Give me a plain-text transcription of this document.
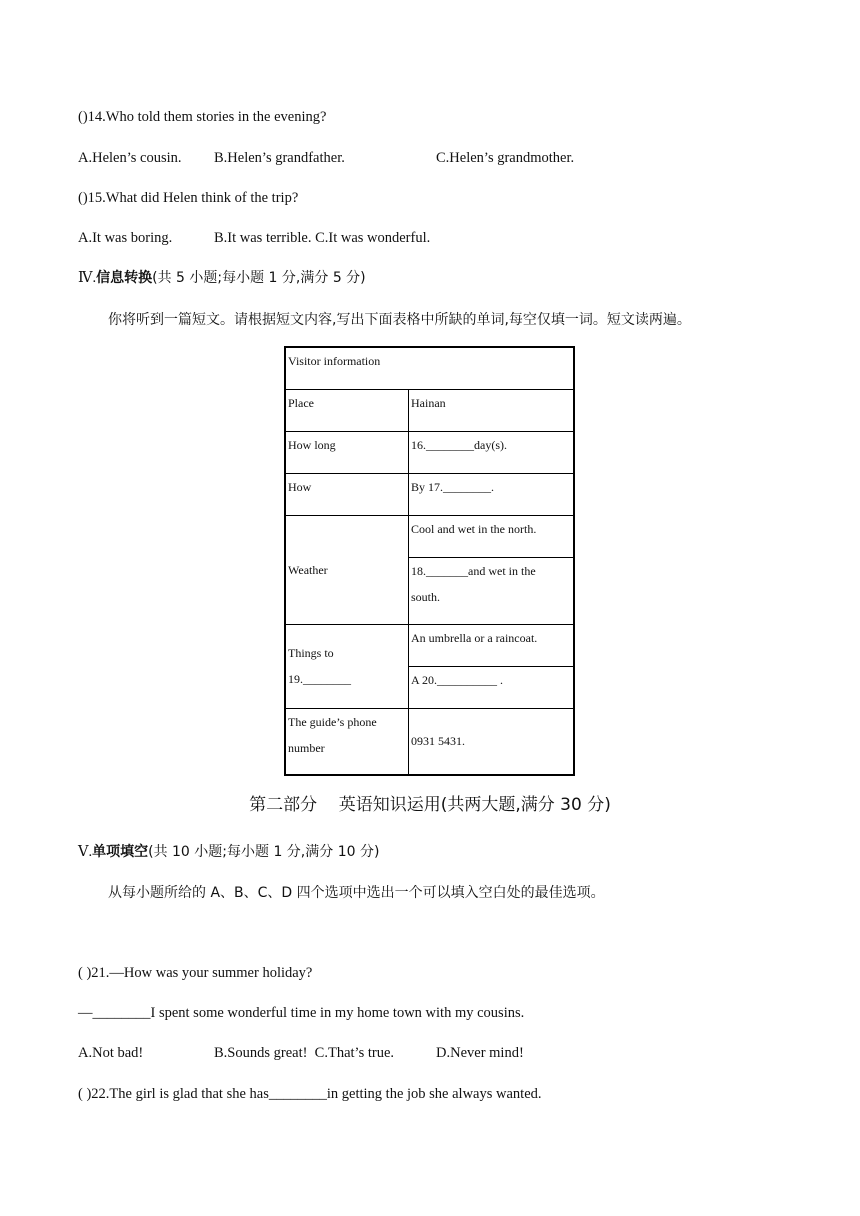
()14.Who told them stories in the evening?
A.Helen’s cousin. B.Helen’s grandfather.	C.Helen’s grandmother.
()15.What did Helen think of the trip?
A.It was boring.	B.It was terrible. C.It was wonderful.
Ⅳ.信息转换(共 5 小题;每小题 1 分,满分 5 分)
你将听到一篇短文。请根据短文内容,写出下面表格中所缺的单词,每空仅填一词。短文读两遍。
Visitor information	
Place	Hainan
How long	16.________day(s).
How	By 17.________.
Weather	Cool and wet in the north.
	18._______and wet in the
south.
Things to
19.________	An umbrella or a raincoat.
	A 20.__________ .
The guide’s phone
number	0931 5431.
第二部分    英语知识运用(共两大题,满分 30 分)
Ⅴ.单项填空(共 10 小题;每小题 1 分,满分 10 分)
从每小题所给的 A、B、C、D 四个选项中选出一个可以填入空白处的最佳选项。
( )21.—How was your summer holiday?
—________I spent some wonderful time in my home town with my cousins.
A.Not bad!	B.Sounds great!  C.That’s true.	D.Never mind!
( )22.The girl is glad that she has________in getting the job she always wanted.
